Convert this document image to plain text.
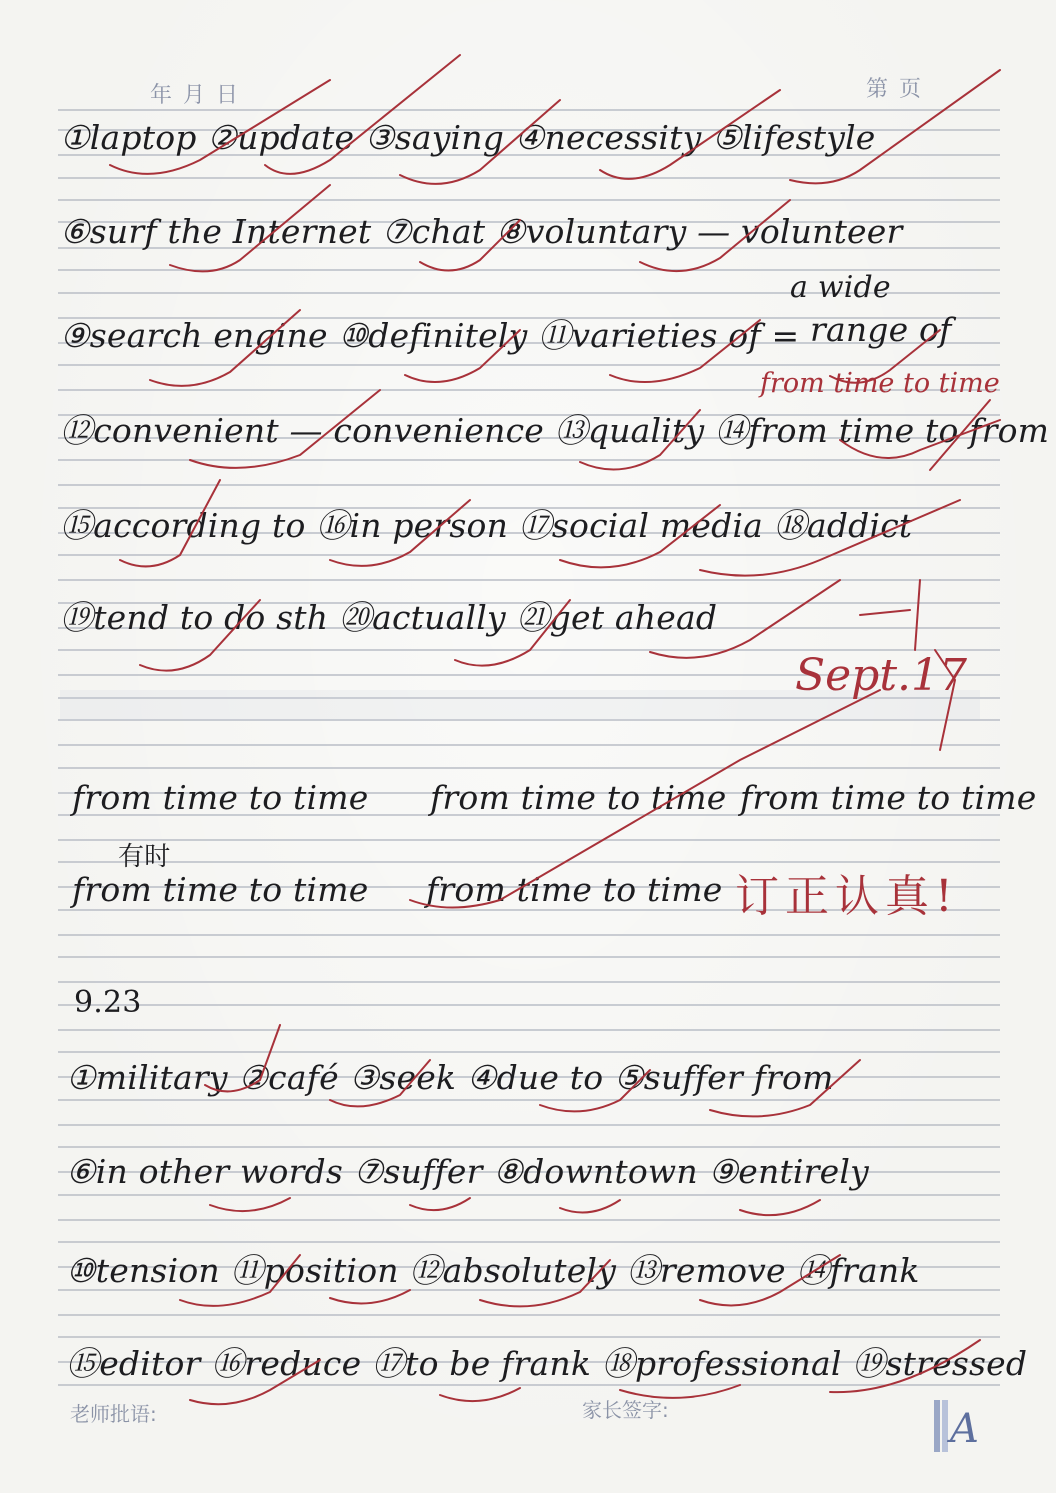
年 月 日	第 页
①laptop ②update ③saying ④necessity ⑤lifestyle
⑥surf the Internet ⑦chat ⑧voluntary — volunteer
a wide
⑨search engine ⑩definitely ⑪varieties of = range of
from time to time
⑫convenient — convenience ⑬quality ⑭from time to from
⑮according to ⑯in person ⑰social media ⑱addict
⑲tend to do sth ⑳actually ㉑get ahead
Sept.17
from time to time from time to time from time to time
有时
from time to time from time to time 订正认真!
9.23
①military ②café ③seek ④due to ⑤suffer from
⑥in other words ⑦suffer ⑧downtown ⑨entirely
⑩tension ⑪position ⑫absolutely ⑬remove ⑭frank
⑮editor ⑯reduce ⑰to be frank ⑱professional ⑲stressed
老师批语:	家长签字:	A
